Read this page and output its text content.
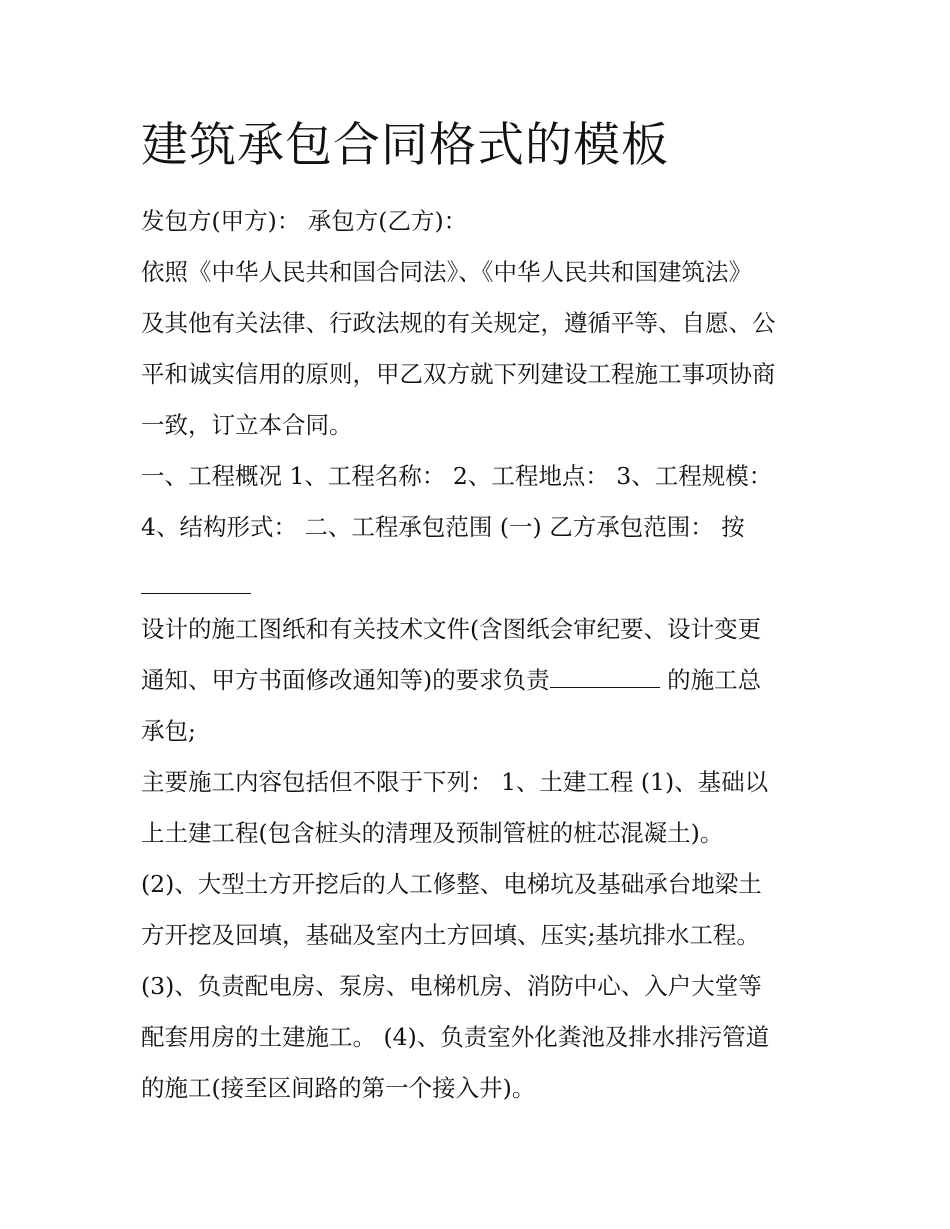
建筑承包合同格式的模板
发包方(甲方)： 承包方(乙方)：
依照《中华人民共和国合同法》、《中华人民共和国建筑法》
及其他有关法律、行政法规的有关规定，遵循平等、自愿、公
平和诚实信用的原则，甲乙双方就下列建设工程施工事项协商
一致，订立本合同。
一、工程概况 1、工程名称： 2、工程地点： 3、工程规模：
4、结构形式： 二、工程承包范围 (一) 乙方承包范围： 按
设计的施工图纸和有关技术文件(含图纸会审纪要、设计变更
通知、甲方书面修改通知等)的要求负责	的施工总
承包;
主要施工内容包括但不限于下列： 1、土建工程 (1)、基础以
上土建工程(包含桩头的清理及预制管桩的桩芯混凝土)。
(2)、大型土方开挖后的人工修整、电梯坑及基础承台地梁土
方开挖及回填，基础及室内土方回填、压实;基坑排水工程。
(3)、负责配电房、泵房、电梯机房、消防中心、入户大堂等
配套用房的土建施工。 (4)、负责室外化粪池及排水排污管道
的施工(接至区间路的第一个接入井)。
